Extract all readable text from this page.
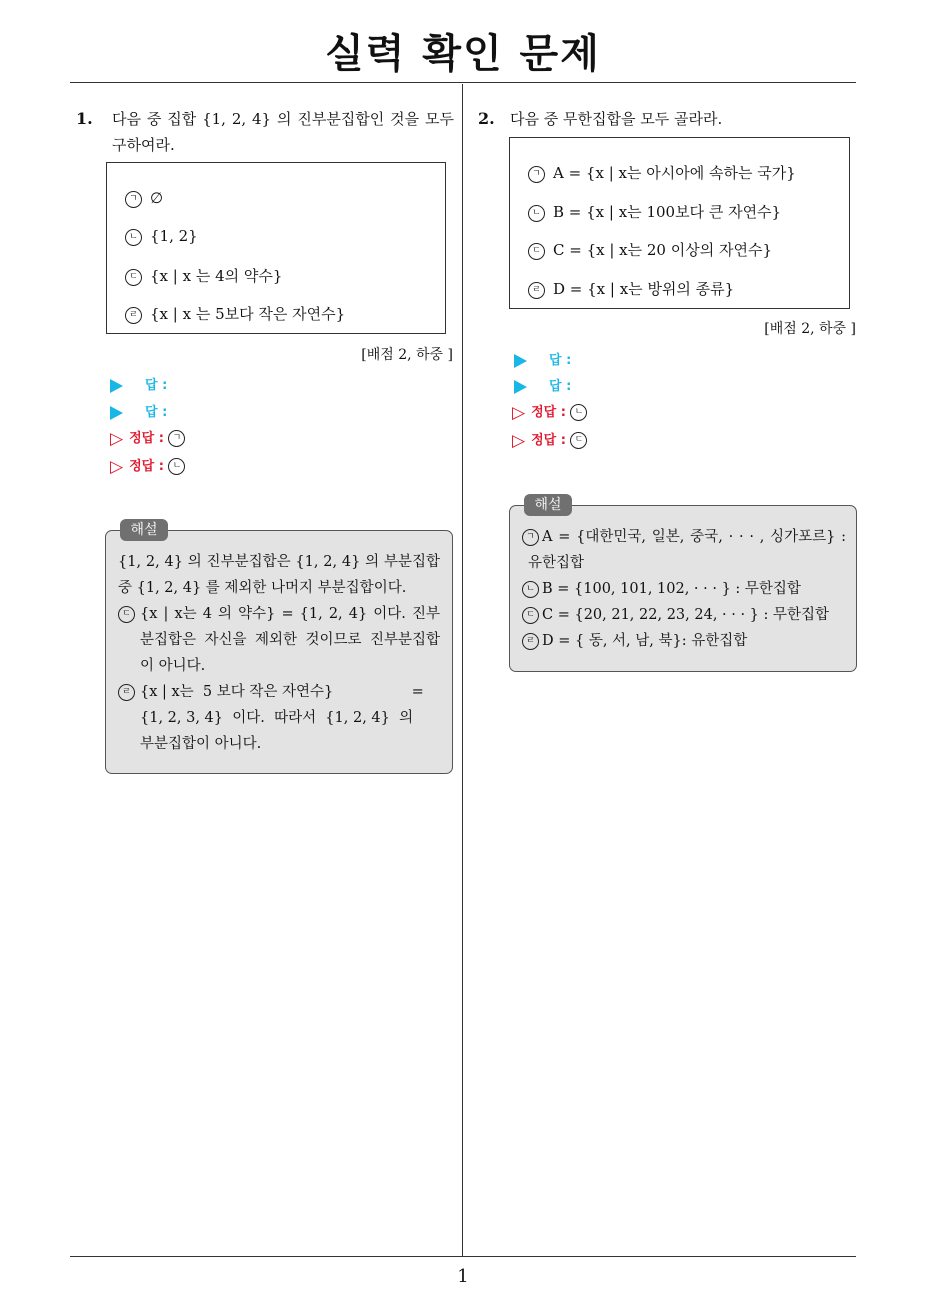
실력 확인 문제
1. 다음 중 집합 {1, 2, 4} 의 진부분집합인 것을 모두 구하여라.
ㄱ ∅
ㄴ {1, 2}
ㄷ {x | x 는 4의 약수}
ㄹ {x | x 는 5보다 작은 자연수}
[배점 2, 하중 ]
답 :
답 :
▷ 정답 : ㄱ
▷ 정답 : ㄴ
{1, 2, 4} 의 진부분집합은 {1, 2, 4} 의 부분집합
중 {1, 2, 4} 를 제외한 나머지 부분집합이다.
ㄷ {x | x는 4 의 약수} = {1, 2, 4} 이다. 진부
분집합은 자신을 제외한 것이므로 진부분집합
이 아니다.
ㄹ {x | x는  5 보다 작은 자연수}                 =
{1, 2, 3, 4}  이다.  따라서  {1, 2, 4}  의
부분집합이 아니다.
해설
2. 다음 중 무한집합을 모두 골라라.
ㄱ A = {x | x는 아시아에 속하는 국가}
ㄴ B = {x | x는 100보다 큰 자연수}
ㄷ C = {x | x는 20 이상의 자연수}
ㄹ D = {x | x는 방위의 종류}
[배점 2, 하중 ]
답 :
답 :
▷ 정답 : ㄴ
▷ 정답 : ㄷ
ㄱ A = {대한민국, 일본, 중국, · · · , 싱가포르} :
유한집합
ㄴ B = {100, 101, 102, · · · } : 무한집합
ㄷ C = {20, 21, 22, 23, 24, · · · } : 무한집합
ㄹ D = { 동, 서, 남, 북}: 유한집합
해설
1
